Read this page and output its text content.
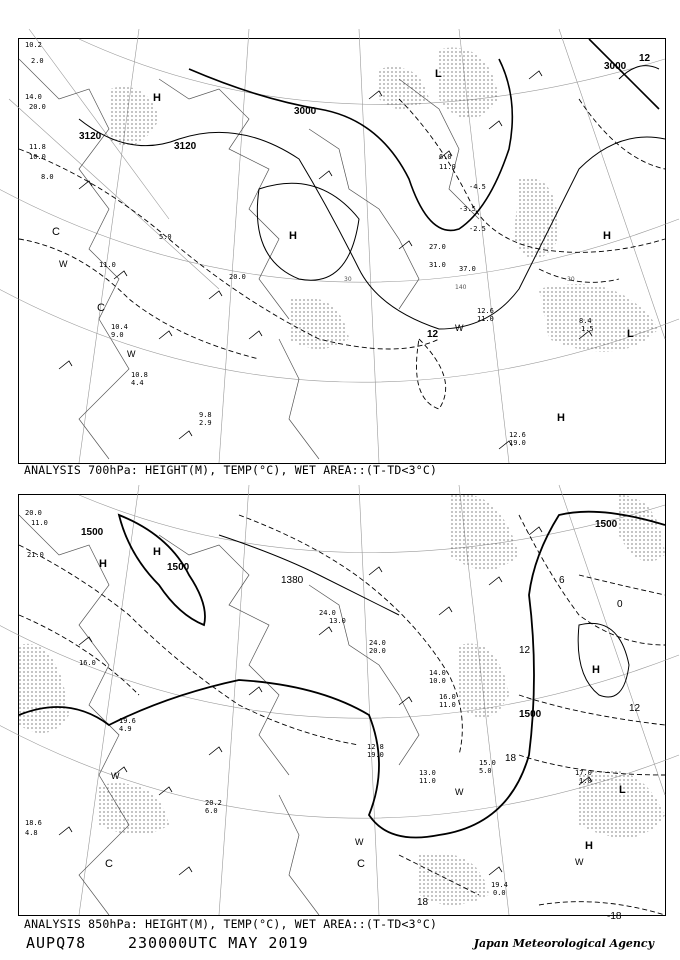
3000
3000
3120
3120
12
12
H
H	H
H
L
L
C
C
W
W
W
10.2
2.0
14.0
20.0
11.8
10.0
8.0
20.0
11.0
5.0
10.4
9.0
10.8
4.4
9.8
2.9
12.6
19.0
8.4
1.5
12.6
11.0
27.0
31.0 37.0
-3.5
-2.5
-4.5
6.0
11.0
30
140
30
ANALYSIS 700hPa: HEIGHT(M), TEMP(°C), WET AREA::(T-TD<3°C)
1500
1500
1500
1500
1380
12
12
18
18
-18
0
6
H
H
H
H
L
C	C
W
W
W
W
20.0
11.0
21.0
16.0
24.0
13.0
24.0
20.0
19.6
4.9
18.6
4.8
19.4
0.0
17.0
1.0
16.0
11.0
13.0
11.0
14.0
10.0
12.8
19.0
15.0
5.0
20.2
6.0
ANALYSIS 850hPa: HEIGHT(M), TEMP(°C), WET AREA::(T-TD<3°C)
AUPQ78	230000UTC MAY 2019	Japan Meteorological Agency
